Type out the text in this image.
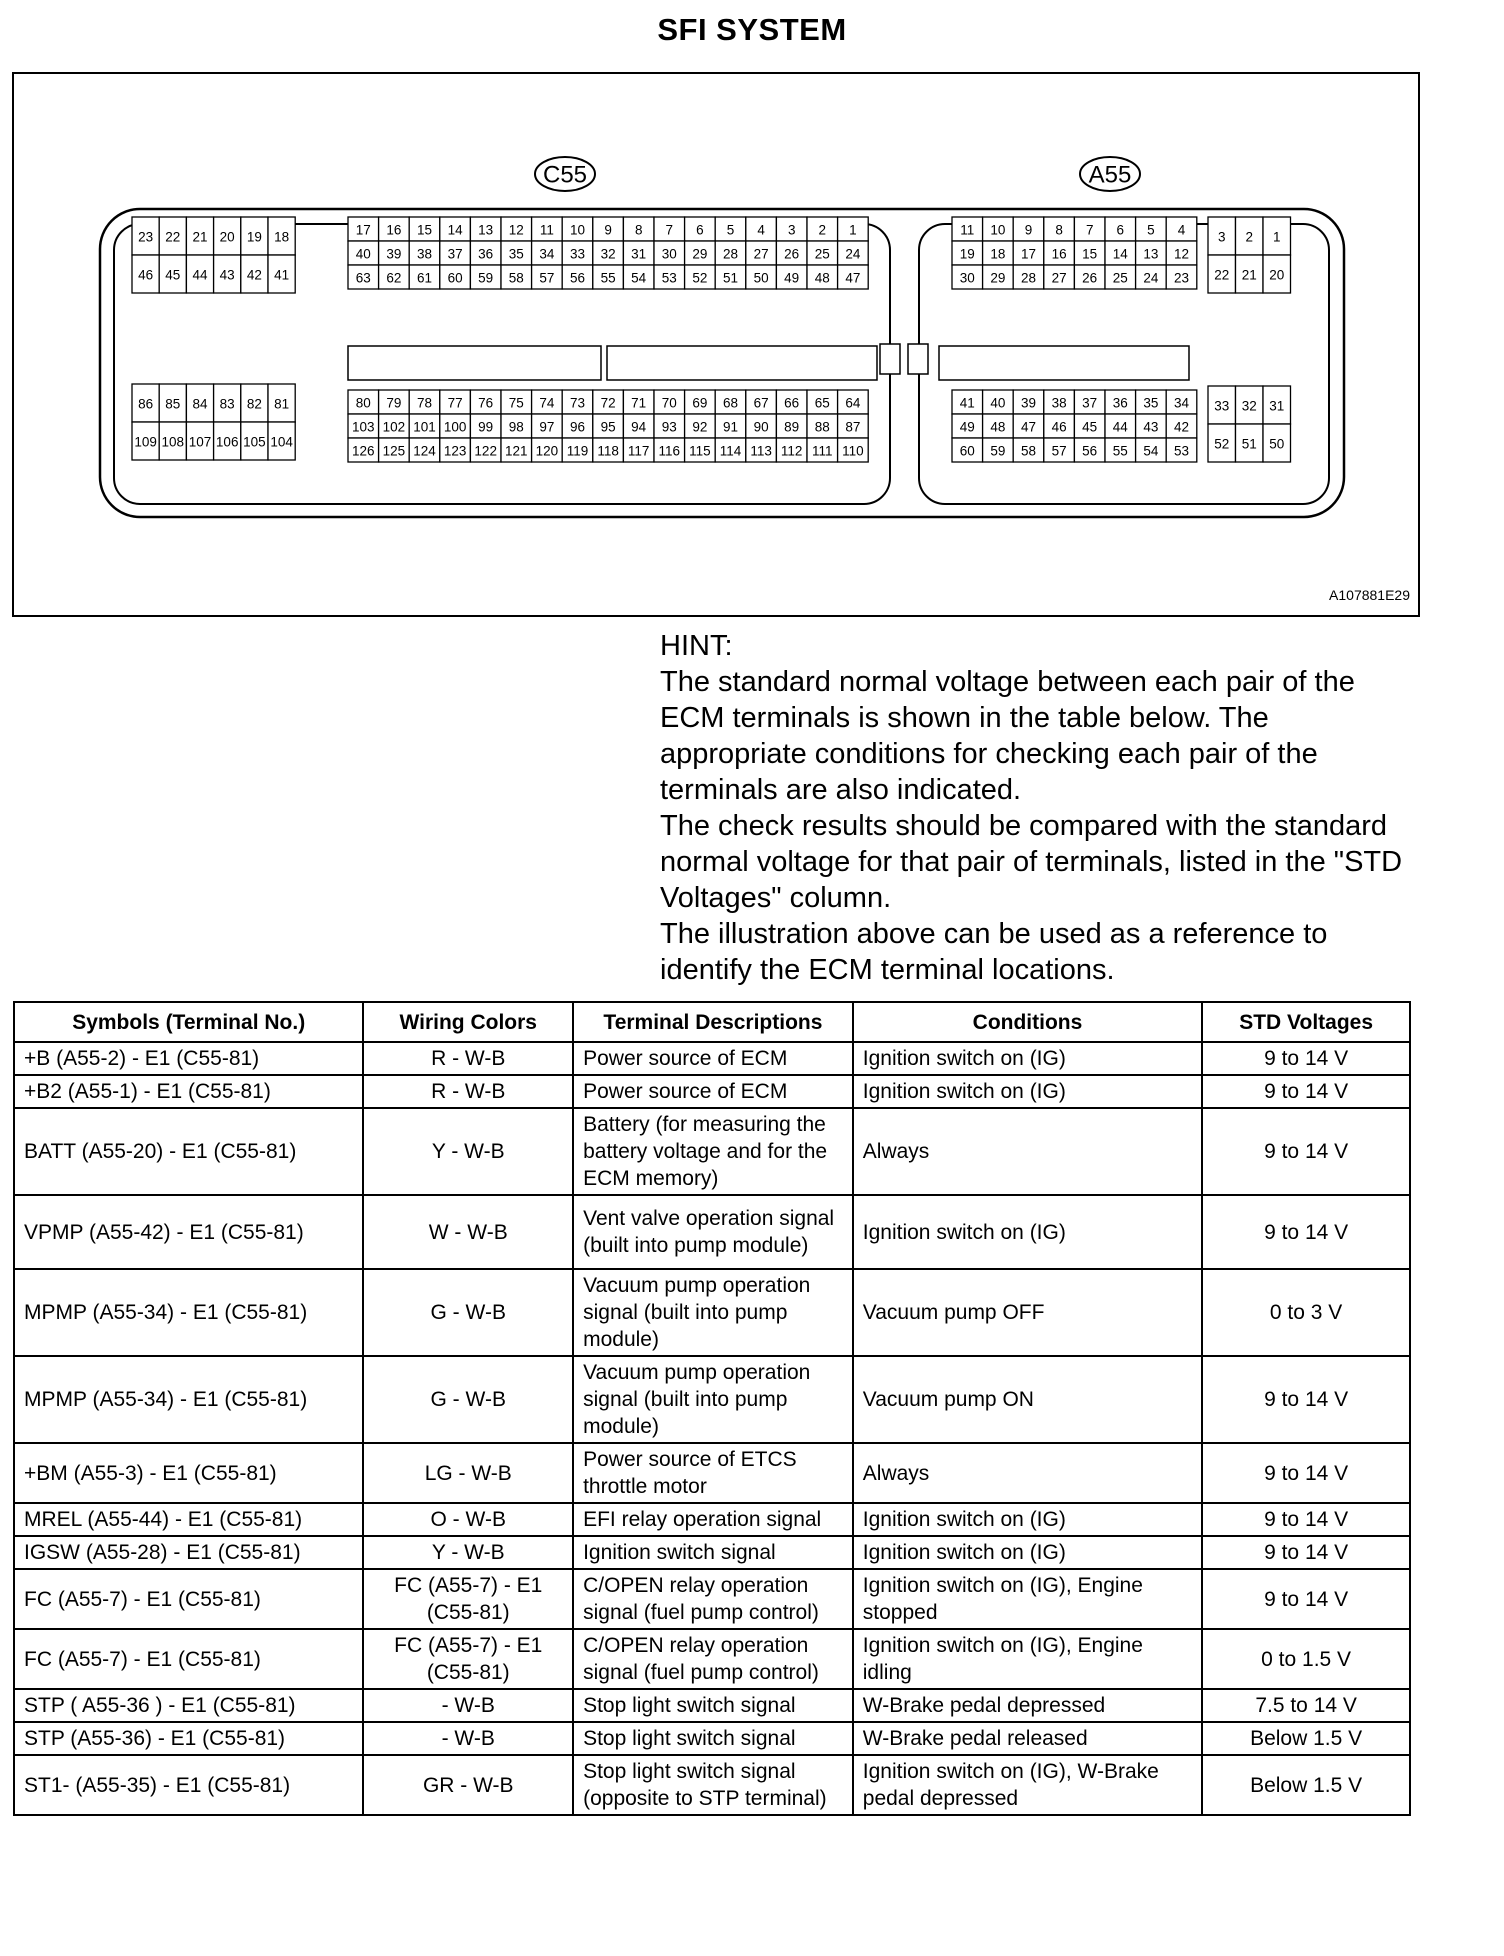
SFI SYSTEM
C55	A55
23 22 21 20 19 18
46 45 44 43 42 41
17 16 15 14 13 12 11 10 9 8 7 6 5 4 3 2 1
40 39 38 37 36 35 34 33 32 31 30 29 28 27 26 25 24
63 62 61 60 59 58 57 56 55 54 53 52 51 50 49 48 47
86 85 84 83 82 81
109 108 107 106 105 104
80 79 78 77 76 75 74 73 72 71 70 69 68 67 66 65 64
103 102 101 100 99 98 97 96 95 94 93 92 91 90 89 88 87
126 125 124 123 122 121 120 119 118 117 116 115 114 113 112 111 110
11 10 9 8 7 6 5 4
19 18 17 16 15 14 13 12
30 29 28 27 26 25 24 23
3 2 1
22 21 20
41 40 39 38 37 36 35 34
49 48 47 46 45 44 43 42
60 59 58 57 56 55 54 53
33 32 31
52 51 50
A107881E29

HINT:

The standard normal voltage between each pair of the ECM terminals is shown in the table below. The appropriate conditions for checking each pair of the terminals are also indicated.

The check results should be compared with the standard normal voltage for that pair of terminals, listed in the "STD Voltages" column.

The illustration above can be used as a reference to identify the ECM terminal locations.

Symbols (Terminal No.)	Wiring Colors	Terminal Descriptions	Conditions	STD Voltages
+B (A55-2) - E1 (C55-81)	R - W-B	Power source of ECM	Ignition switch on (IG)	9 to 14 V
+B2 (A55-1) - E1 (C55-81)	R - W-B	Power source of ECM	Ignition switch on (IG)	9 to 14 V
BATT (A55-20) - E1 (C55-81)	Y - W-B	Battery (for measuring the battery voltage and for the ECM memory)	Always	9 to 14 V
VPMP (A55-42) - E1 (C55-81)	W - W-B	Vent valve operation signal (built into pump module)	Ignition switch on (IG)	9 to 14 V
MPMP (A55-34) - E1 (C55-81)	G - W-B	Vacuum pump operation signal (built into pump module)	Vacuum pump OFF	0 to 3 V
MPMP (A55-34) - E1 (C55-81)	G - W-B	Vacuum pump operation signal (built into pump module)	Vacuum pump ON	9 to 14 V
+BM (A55-3) - E1 (C55-81)	LG - W-B	Power source of ETCS throttle motor	Always	9 to 14 V
MREL (A55-44) - E1 (C55-81)	O - W-B	EFI relay operation signal	Ignition switch on (IG)	9 to 14 V
IGSW (A55-28) - E1 (C55-81)	Y - W-B	Ignition switch signal	Ignition switch on (IG)	9 to 14 V
FC (A55-7) - E1 (C55-81)	FC (A55-7) - E1 (C55-81)	C/OPEN relay operation signal (fuel pump control)	Ignition switch on (IG), Engine stopped	9 to 14 V
FC (A55-7) - E1 (C55-81)	FC (A55-7) - E1 (C55-81)	C/OPEN relay operation signal (fuel pump control)	Ignition switch on (IG), Engine idling	0 to 1.5 V
STP ( A55-36 ) - E1 (C55-81)	- W-B	Stop light switch signal	W-Brake pedal depressed	7.5 to 14 V
STP (A55-36) - E1 (C55-81)	- W-B	Stop light switch signal	W-Brake pedal released	Below 1.5 V
ST1- (A55-35) - E1 (C55-81)	GR - W-B	Stop light switch signal (opposite to STP terminal)	Ignition switch on (IG), W-Brake pedal depressed	Below 1.5 V
